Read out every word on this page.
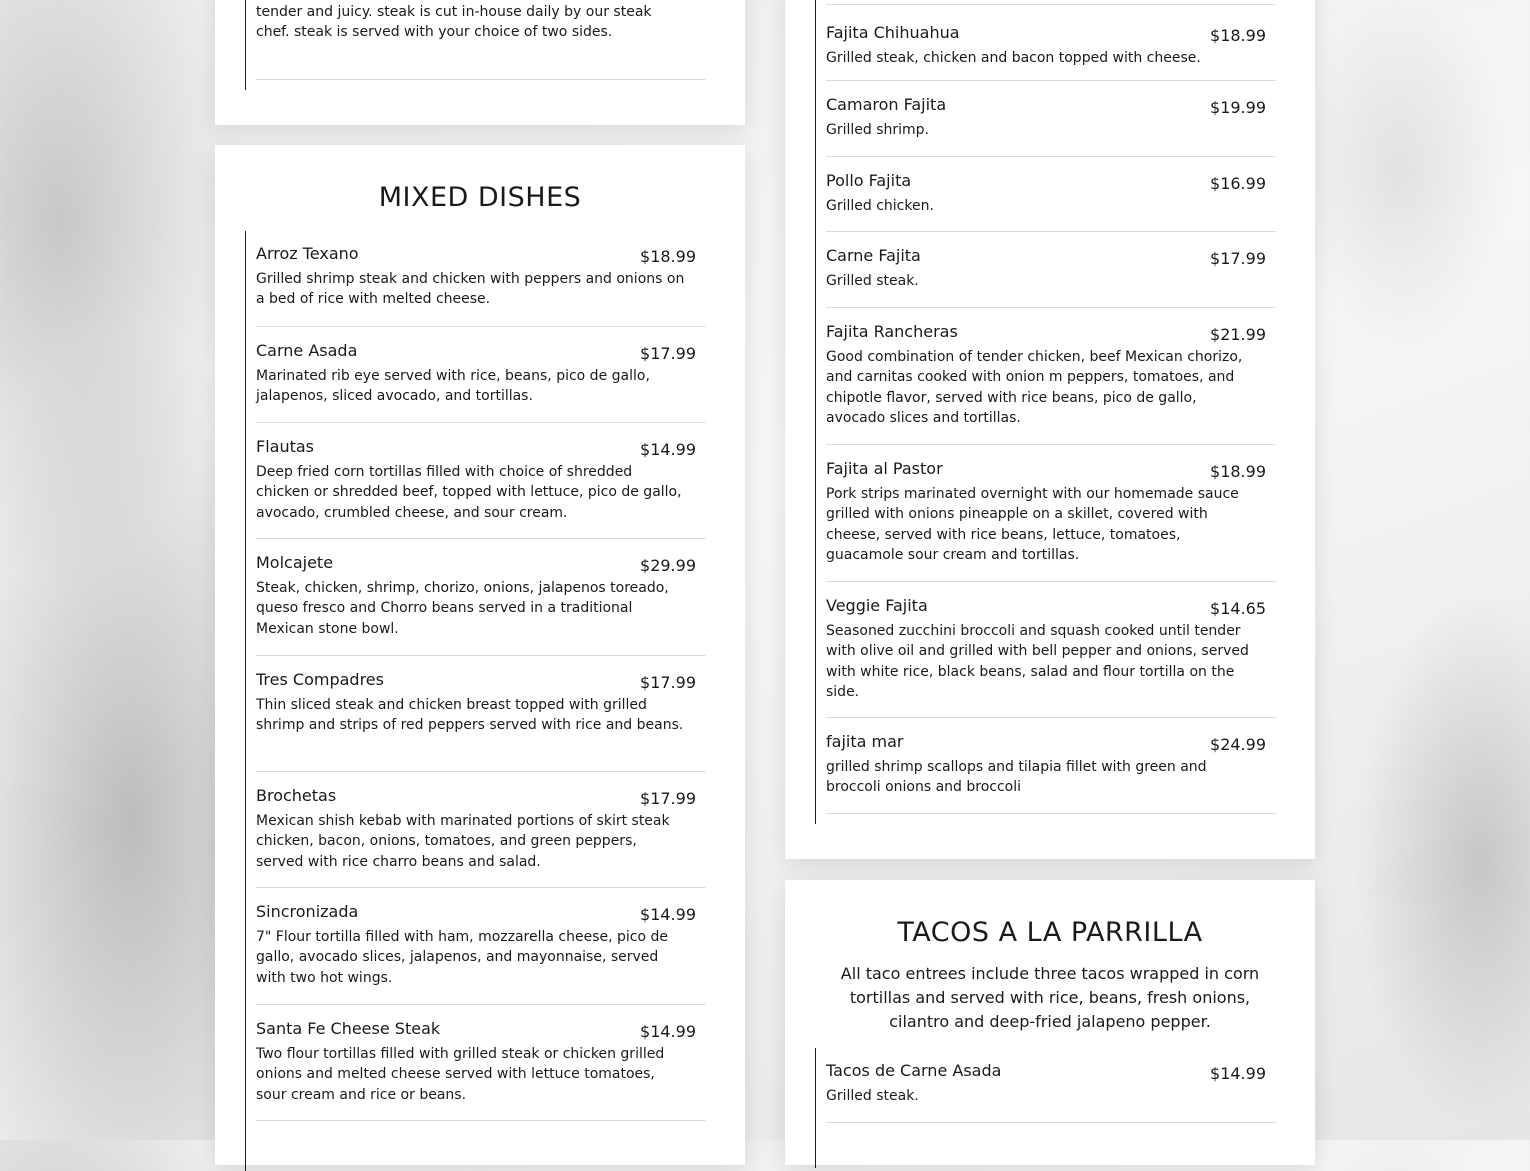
tender and juicy. steak is cut in-house daily by our steak chef. steak is served with your choice of two sides.
MIXED DISHES
Arroz Texano	$18.99
Grilled shrimp steak and chicken with peppers and onions on a bed of rice with melted cheese.
Carne Asada	$17.99
Marinated rib eye served with rice, beans, pico de gallo, jalapenos, sliced avocado, and tortillas.
Flautas	$14.99
Deep fried corn tortillas filled with choice of shredded chicken or shredded beef, topped with lettuce, pico de gallo, avocado, crumbled cheese, and sour cream.
Molcajete	$29.99
Steak, chicken, shrimp, chorizo, onions, jalapenos toreado, queso fresco and Chorro beans served in a traditional Mexican stone bowl.
Tres Compadres	$17.99
Thin sliced steak and chicken breast topped with grilled shrimp and strips of red peppers served with rice and beans.
Brochetas	$17.99
Mexican shish kebab with marinated portions of skirt steak chicken, bacon, onions, tomatoes, and green peppers, served with rice charro beans and salad.
Sincronizada	$14.99
7" Flour tortilla filled with ham, mozzarella cheese, pico de gallo, avocado slices, jalapenos, and mayonnaise, served with two hot wings.
Santa Fe Cheese Steak	$14.99
Two flour tortillas filled with grilled steak or chicken grilled onions and melted cheese served with lettuce tomatoes, sour cream and rice or beans.
Fajita Chihuahua	$18.99
Grilled steak, chicken and bacon topped with cheese.
Camaron Fajita	$19.99
Grilled shrimp.
Pollo Fajita	$16.99
Grilled chicken.
Carne Fajita	$17.99
Grilled steak.
Fajita Rancheras	$21.99
Good combination of tender chicken, beef Mexican chorizo, and carnitas cooked with onion m peppers, tomatoes, and chipotle flavor, served with rice beans, pico de gallo, avocado slices and tortillas.
Fajita al Pastor	$18.99
Pork strips marinated overnight with our homemade sauce grilled with onions pineapple on a skillet, covered with cheese, served with rice beans, lettuce, tomatoes, guacamole sour cream and tortillas.
Veggie Fajita	$14.65
Seasoned zucchini broccoli and squash cooked until tender with olive oil and grilled with bell pepper and onions, served with white rice, black beans, salad and flour tortilla on the side.
fajita mar	$24.99
grilled shrimp scallops and tilapia fillet with green and broccoli onions and broccoli
TACOS A LA PARRILLA
All taco entrees include three tacos wrapped in corn tortillas and served with rice, beans, fresh onions, cilantro and deep-fried jalapeno pepper.
Tacos de Carne Asada	$14.99
Grilled steak.
